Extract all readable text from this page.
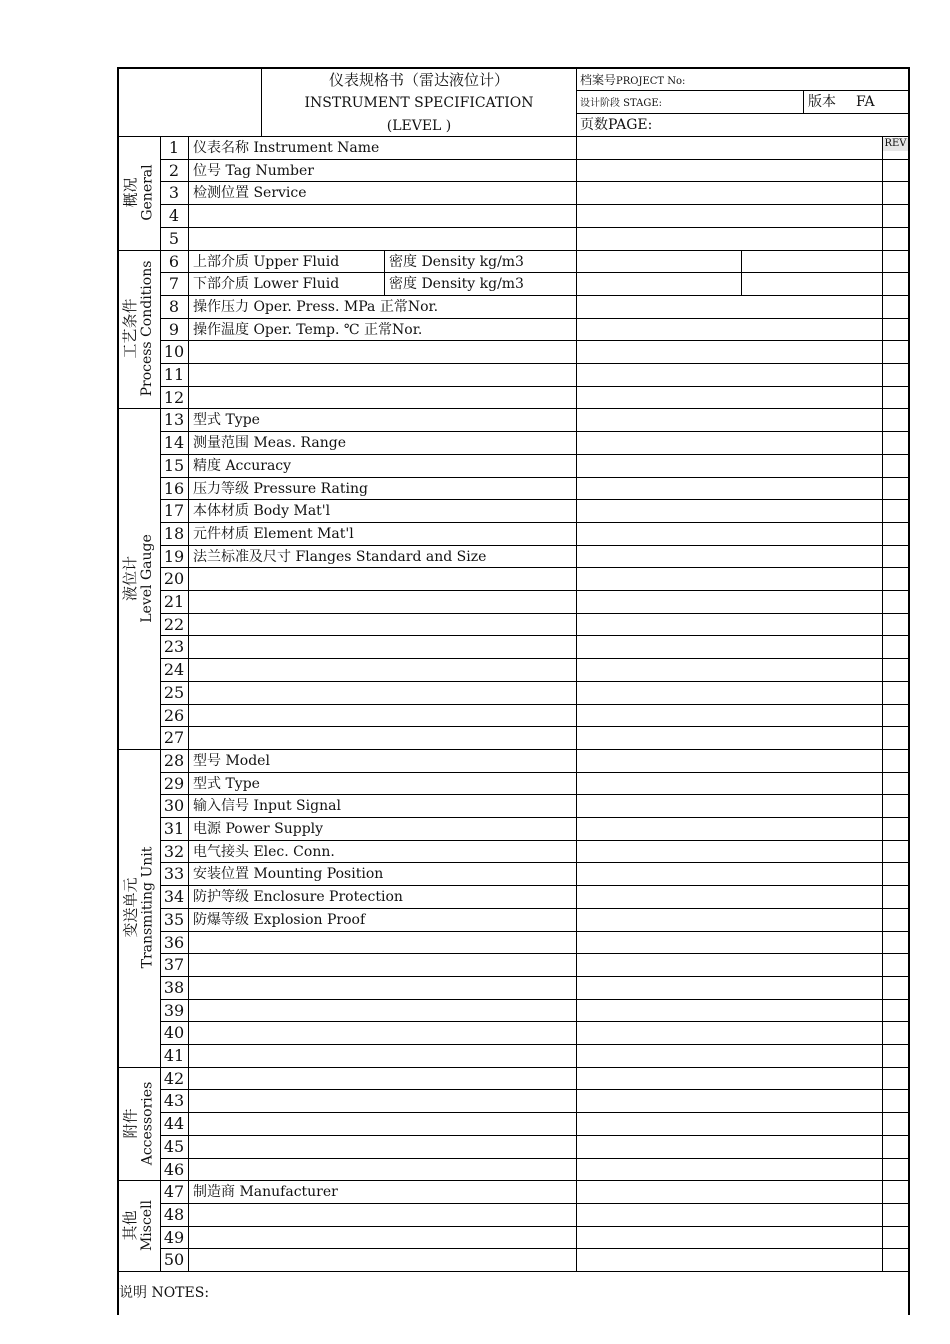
仪表规格书（雷达液位计）
INSTRUMENT SPECIFICATION
(LEVEL )
档案号PROJECT No:
设计阶段 STAGE:	版本 FA
页数PAGE:
REV
说明 NOTES:
1 仪表名称 Instrument Name
2 位号 Tag Number
3 检测位置 Service
4
5
6 上部介质 Upper Fluid	密度 Density kg/m3
7 下部介质 Lower Fluid	密度 Density kg/m3
8 操作压力 Oper. Press. MPa 正常Nor.
9 操作温度 Oper. Temp. ℃ 正常Nor.
10
11
12
13 型式 Type
14 测量范围 Meas. Range
15 精度 Accuracy
16 压力等级 Pressure Rating
17 本体材质 Body Mat'l
18 元件材质 Element Mat'l
19 法兰标准及尺寸 Flanges Standard and Size
20
21
22
23
24
25
26
27
28 型号 Model
29 型式 Type
30 输入信号 Input Signal
31 电源 Power Supply
32 电气接头 Elec. Conn.
33 安装位置 Mounting Position
34 防护等级 Enclosure Protection
35 防爆等级 Explosion Proof
36
37
38
39
40
41
42
43
44
45
46
47 制造商 Manufacturer
48
49
50
概况 General
工艺条件 Process Conditions
液位计 Level Gauge
变送单元 Transmiting Unit
附件 Accessories
其他 Miscell
